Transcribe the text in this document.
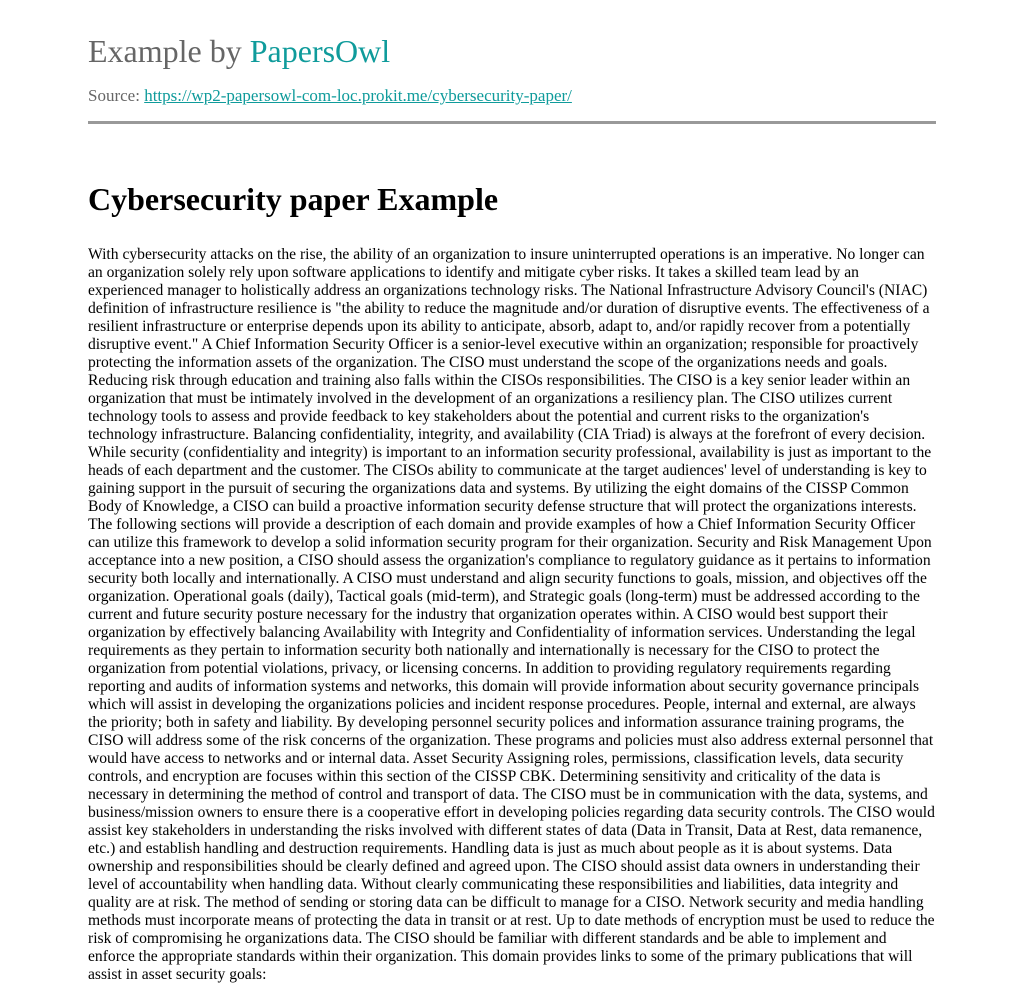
Example by PapersOwl
Source: https://wp2-papersowl-com-loc.prokit.me/cybersecurity-paper/
Cybersecurity paper Example
With cybersecurity attacks on the rise, the ability of an organization to insure uninterrupted operations is an imperative. No longer can an organization solely rely upon software applications to identify and mitigate cyber risks. It takes a skilled team lead by an experienced manager to holistically address an organizations technology risks. The National Infrastructure Advisory Council's (NIAC) definition of infrastructure resilience is "the ability to reduce the magnitude and/or duration of disruptive events. The effectiveness of a resilient infrastructure or enterprise depends upon its ability to anticipate, absorb, adapt to, and/or rapidly recover from a potentially disruptive event." A Chief Information Security Officer is a senior-level executive within an organization; responsible for proactively protecting the information assets of the organization. The CISO must understand the scope of the organizations needs and goals. Reducing risk through education and training also falls within the CISOs responsibilities. The CISO is a key senior leader within an organization that must be intimately involved in the development of an organizations a resiliency plan. The CISO utilizes current technology tools to assess and provide feedback to key stakeholders about the potential and current risks to the organization's technology infrastructure. Balancing confidentiality, integrity, and availability (CIA Triad) is always at the forefront of every decision. While security (confidentiality and integrity) is important to an information security professional, availability is just as important to the heads of each department and the customer. The CISOs ability to communicate at the target audiences' level of understanding is key to gaining support in the pursuit of securing the organizations data and systems. By utilizing the eight domains of the CISSP Common Body of Knowledge, a CISO can build a proactive information security defense structure that will protect the organizations interests. The following sections will provide a description of each domain and provide examples of how a Chief Information Security Officer can utilize this framework to develop a solid information security program for their organization. Security and Risk Management Upon acceptance into a new position, a CISO should assess the organization's compliance to regulatory guidance as it pertains to information security both locally and internationally. A CISO must understand and align security functions to goals, mission, and objectives off the organization. Operational goals (daily), Tactical goals (mid-term), and Strategic goals (long-term) must be addressed according to the current and future security posture necessary for the industry that organization operates within. A CISO would best support their organization by effectively balancing Availability with Integrity and Confidentiality of information services. Understanding the legal requirements as they pertain to information security both nationally and internationally is necessary for the CISO to protect the organization from potential violations, privacy, or licensing concerns. In addition to providing regulatory requirements regarding reporting and audits of information systems and networks, this domain will provide information about security governance principals which will assist in developing the organizations policies and incident response procedures. People, internal and external, are always the priority; both in safety and liability. By developing personnel security polices and information assurance training programs, the CISO will address some of the risk concerns of the organization. These programs and policies must also address external personnel that would have access to networks and or internal data. Asset Security Assigning roles, permissions, classification levels, data security controls, and encryption are focuses within this section of the CISSP CBK. Determining sensitivity and criticality of the data is necessary in determining the method of control and transport of data. The CISO must be in communication with the data, systems, and business/mission owners to ensure there is a cooperative effort in developing policies regarding data security controls. The CISO would assist key stakeholders in understanding the risks involved with different states of data (Data in Transit, Data at Rest, data remanence, etc.) and establish handling and destruction requirements. Handling data is just as much about people as it is about systems. Data ownership and responsibilities should be clearly defined and agreed upon. The CISO should assist data owners in understanding their level of accountability when handling data. Without clearly communicating these responsibilities and liabilities, data integrity and quality are at risk. The method of sending or storing data can be difficult to manage for a CISO. Network security and media handling methods must incorporate means of protecting the data in transit or at rest. Up to date methods of encryption must be used to reduce the risk of compromising he organizations data. The CISO should be familiar with different standards and be able to implement and enforce the appropriate standards within their organization. This domain provides links to some of the primary publications that will assist in asset security goals:
